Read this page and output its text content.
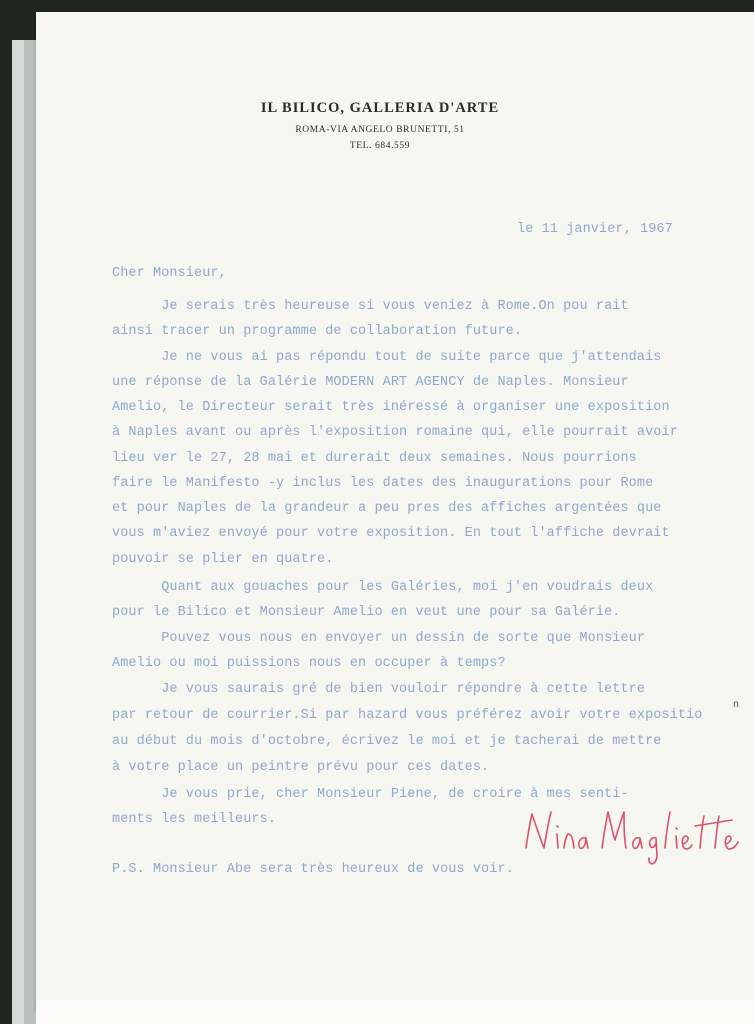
IL BILICO, GALLERIA D'ARTE
ROMA-VIA ANGELO BRUNETTI, 51
TEL. 684.559
le 11 janvier, 1967
Cher Monsieur,
Je serais très heureuse si vous veniez à Rome.On pou rait
ainsi tracer un programme de collaboration future.
Je ne vous ai pas répondu tout de suite parce que j'attendais
une réponse de la Galérie MODERN ART AGENCY de Naples. Monsieur
Amelio, le Directeur serait très inéressé à organiser une exposition
à Naples avant ou après l'exposition romaine qui, elle pourrait avoir
lieu ver le 27, 28 mai et durerait deux semaines. Nous pourrions
faire le Manifesto -y inclus les dates des inaugurations pour Rome
et pour Naples de la grandeur a peu pres des affiches argentées que
vous m'aviez envoyé pour votre exposition. En tout l'affiche devrait
pouvoir se plier en quatre.
Quant aux gouaches pour les Galéries, moi j'en voudrais deux
pour le Bilico et Monsieur Amelio en veut une pour sa Galérie.
Pouvez vous nous en envoyer un dessin de sorte que Monsieur
Amelio ou moi puissions nous en occuper à temps?
Je vous saurais gré de bien vouloir répondre à cette lettre
par retour de courrier.Si par hazard vous préférez avoir votre expositio
au début du mois d'octobre, écrivez le moi et je tacherai de mettre
à votre place un peintre prévu pour ces dates.
Je vous prie, cher Monsieur Piene, de croire à mes senti-
ments les meilleurs.
P.S. Monsieur Abe sera très heureux de vous voir.
n
